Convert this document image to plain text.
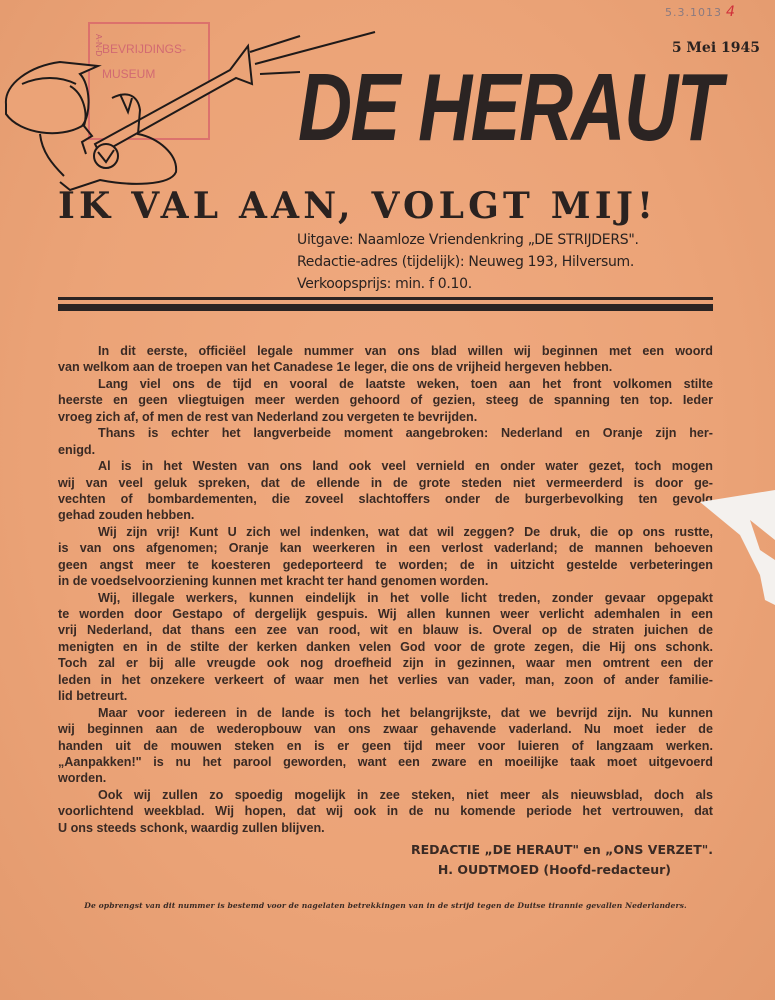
5.3.1013 4
A-N-D BEVRIJDINGS-
MUSEUM
5 Mei 1945
DE HERAUT
IK VAL AAN, VOLGT MIJ!
Uitgave: Naamloze Vriendenkring „DE STRIJDERS".
Redactie-adres (tijdelijk): Neuweg 193, Hilversum.
Verkoopsprijs: min. f 0.10.
In dit eerste, officiëel legale nummer van ons blad willen wij beginnen met een woord
van welkom aan de troepen van het Canadese 1e leger, die ons de vrijheid hergeven hebben.
Lang viel ons de tijd en vooral de laatste weken, toen aan het front volkomen stilte
heerste en geen vliegtuigen meer werden gehoord of gezien, steeg de spanning ten top. Ieder
vroeg zich af, of men de rest van Nederland zou vergeten te bevrijden.
Thans is echter het langverbeide moment aangebroken: Nederland en Oranje zijn her-
enigd.
Al is in het Westen van ons land ook veel vernield en onder water gezet, toch mogen
wij van veel geluk spreken, dat de ellende in de grote steden niet vermeerderd is door ge-
vechten of bombardementen, die zoveel slachtoffers onder de burgerbevolking ten gevolg
gehad zouden hebben.
Wij zijn vrij! Kunt U zich wel indenken, wat dat wil zeggen? De druk, die op ons rustte,
is van ons afgenomen; Oranje kan weerkeren in een verlost vaderland; de mannen behoeven
geen angst meer te koesteren gedeporteerd te worden; de in uitzicht gestelde verbeteringen
in de voedselvoorziening kunnen met kracht ter hand genomen worden.
Wij, illegale werkers, kunnen eindelijk in het volle licht treden, zonder gevaar opgepakt
te worden door Gestapo of dergelijk gespuis. Wij allen kunnen weer verlicht ademhalen in een
vrij Nederland, dat thans een zee van rood, wit en blauw is. Overal op de straten juichen de
menigten en in de stilte der kerken danken velen God voor de grote zegen, die Hij ons schonk.
Toch zal er bij alle vreugde ook nog droefheid zijn in gezinnen, waar men omtrent een der
leden in het onzekere verkeert of waar men het verlies van vader, man, zoon of ander familie-
lid betreurt.
Maar voor iedereen in de lande is toch het belangrijkste, dat we bevrijd zijn. Nu kunnen
wij beginnen aan de wederopbouw van ons zwaar gehavende vaderland. Nu moet ieder de
handen uit de mouwen steken en is er geen tijd meer voor luieren of langzaam werken.
„Aanpakken!" is nu het parool geworden, want een zware en moeilijke taak moet uitgevoerd
worden.
Ook wij zullen zo spoedig mogelijk in zee steken, niet meer als nieuwsblad, doch als
voorlichtend weekblad. Wij hopen, dat wij ook in de nu komende periode het vertrouwen, dat
U ons steeds schonk, waardig zullen blijven.
REDACTIE „DE HERAUT" en „ONS VERZET".
H. OUDTMOED (Hoofd-redacteur)
De opbrengst van dit nummer is bestemd voor de nagelaten betrekkingen van in de strijd tegen de Duitse tirannie gevallen Nederlanders.
